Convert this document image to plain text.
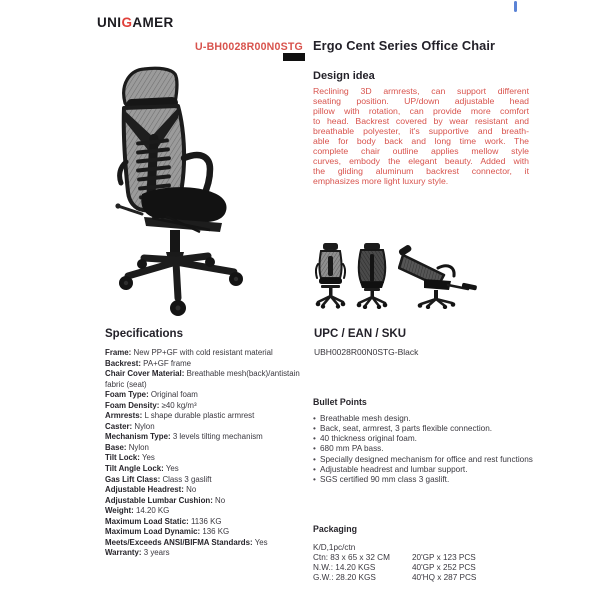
UNIGAMER
U-BH0028R00N0STG Ergo Cent Series Office Chair
Design idea
Reclining 3D armrests, can support different
seating position. UP/down adjustable head
pillow with rotation, can provide more comfort
to head. Backrest covered by wear resistant and
breathable polyester, it's supportive and breath-
able for body back and long time work. The
complete chair outline applies mellow style
curves, embody the elegant beauty. Added with
the gliding aluminum backrest connector, it
emphasizes more light luxury style.
Specifications
Frame: New PP+GF with cold resistant material
Backrest: PA+GF frame
Chair Cover Material: Breathable mesh(back)/antistain fabric (seat)
Foam Type: Original foam
Foam Density: ≥40 kg/m³
Armrests: L shape durable plastic armrest
Caster: Nylon
Mechanism Type: 3 levels tilting mechanism
Base: Nylon
Tilt Lock: Yes
Tilt Angle Lock: Yes
Gas Lift Class: Class 3 gaslift
Adjustable Headrest: No
Adjustable Lumbar Cushion: No
Weight: 14.20 KG
Maximum Load Static: 1136 KG
Maximum Load Dynamic: 136 KG
Meets/Exceeds ANSI/BIFMA Standards: Yes
Warranty: 3 years
UPC / EAN / SKU
UBH0028R00N0STG-Black
Bullet Points
• Breathable mesh design.
• Back, seat, armrest, 3 parts flexible connection.
• 40 thickness original foam.
• 680 mm PA bass.
• Specially designed mechanism for office and rest functions
• Adjustable headrest and lumbar support.
• SGS certified 90 mm class 3 gaslift.
Packaging
K/D,1pc/ctn
Ctn: 83 x 65 x 32 CM	20'GP x 123 PCS
N.W.: 14.20 KGS	40'GP x 252 PCS
G.W.: 28.20 KGS	40'HQ x 287 PCS
